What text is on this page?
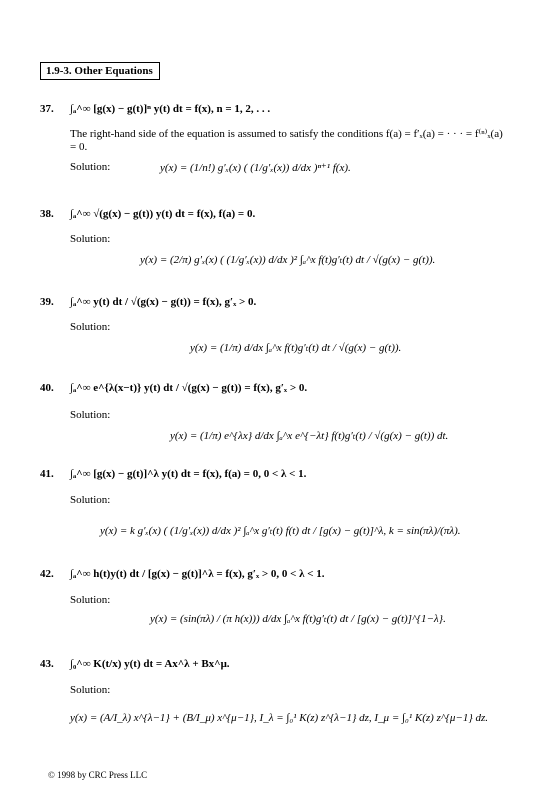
1.9-3. Other Equations
37. ∫ₐ^∞ [g(x) − g(t)]ⁿ y(t) dt = f(x), n = 1, 2, . . .
The right-hand side of the equation is assumed to satisfy the conditions f(a) = f′ₓ(a) = · · · = f⁽ⁿ⁾ₓ(a) = 0.
Solution:	y(x) = (1/n!) g′ₓ(x) ( (1/g′ₓ(x)) d/dx )ⁿ⁺¹ f(x).
38. ∫ₐ^∞ √(g(x) − g(t)) y(t) dt = f(x), f(a) = 0.
Solution:
y(x) = (2/π) g′ₓ(x) ( (1/g′ₓ(x)) d/dx )² ∫ₐ^x f(t)g′ₜ(t) dt / √(g(x) − g(t)).
39. ∫ₐ^∞ y(t) dt / √(g(x) − g(t)) = f(x), g′ₓ > 0.
Solution:
y(x) = (1/π) d/dx ∫ₐ^x f(t)g′ₜ(t) dt / √(g(x) − g(t)).
40. ∫ₐ^∞ e^{λ(x−t)} y(t) dt / √(g(x) − g(t)) = f(x), g′ₓ > 0.
Solution:
y(x) = (1/π) e^{λx} d/dx ∫ₐ^x e^{−λt} f(t)g′ₜ(t) / √(g(x) − g(t)) dt.
41. ∫ₐ^∞ [g(x) − g(t)]^λ y(t) dt = f(x), f(a) = 0, 0 < λ < 1.
Solution:
y(x) = k g′ₓ(x) ( (1/g′ₓ(x)) d/dx )² ∫ₐ^x g′ₜ(t) f(t) dt / [g(x) − g(t)]^λ, k = sin(πλ)/(πλ).
42. ∫ₐ^∞ h(t)y(t) dt / [g(x) − g(t)]^λ = f(x), g′ₓ > 0, 0 < λ < 1.
Solution:
y(x) = (sin(πλ) / (π h(x))) d/dx ∫ₐ^x f(t)g′ₜ(t) dt / [g(x) − g(t)]^{1−λ}.
43. ∫₀^∞ K(t/x) y(t) dt = Ax^λ + Bx^μ.
Solution:
y(x) = (A/I_λ) x^{λ−1} + (B/I_μ) x^{μ−1}, I_λ = ∫₀¹ K(z) z^{λ−1} dz, I_μ = ∫₀¹ K(z) z^{μ−1} dz.
© 1998 by CRC Press LLC
